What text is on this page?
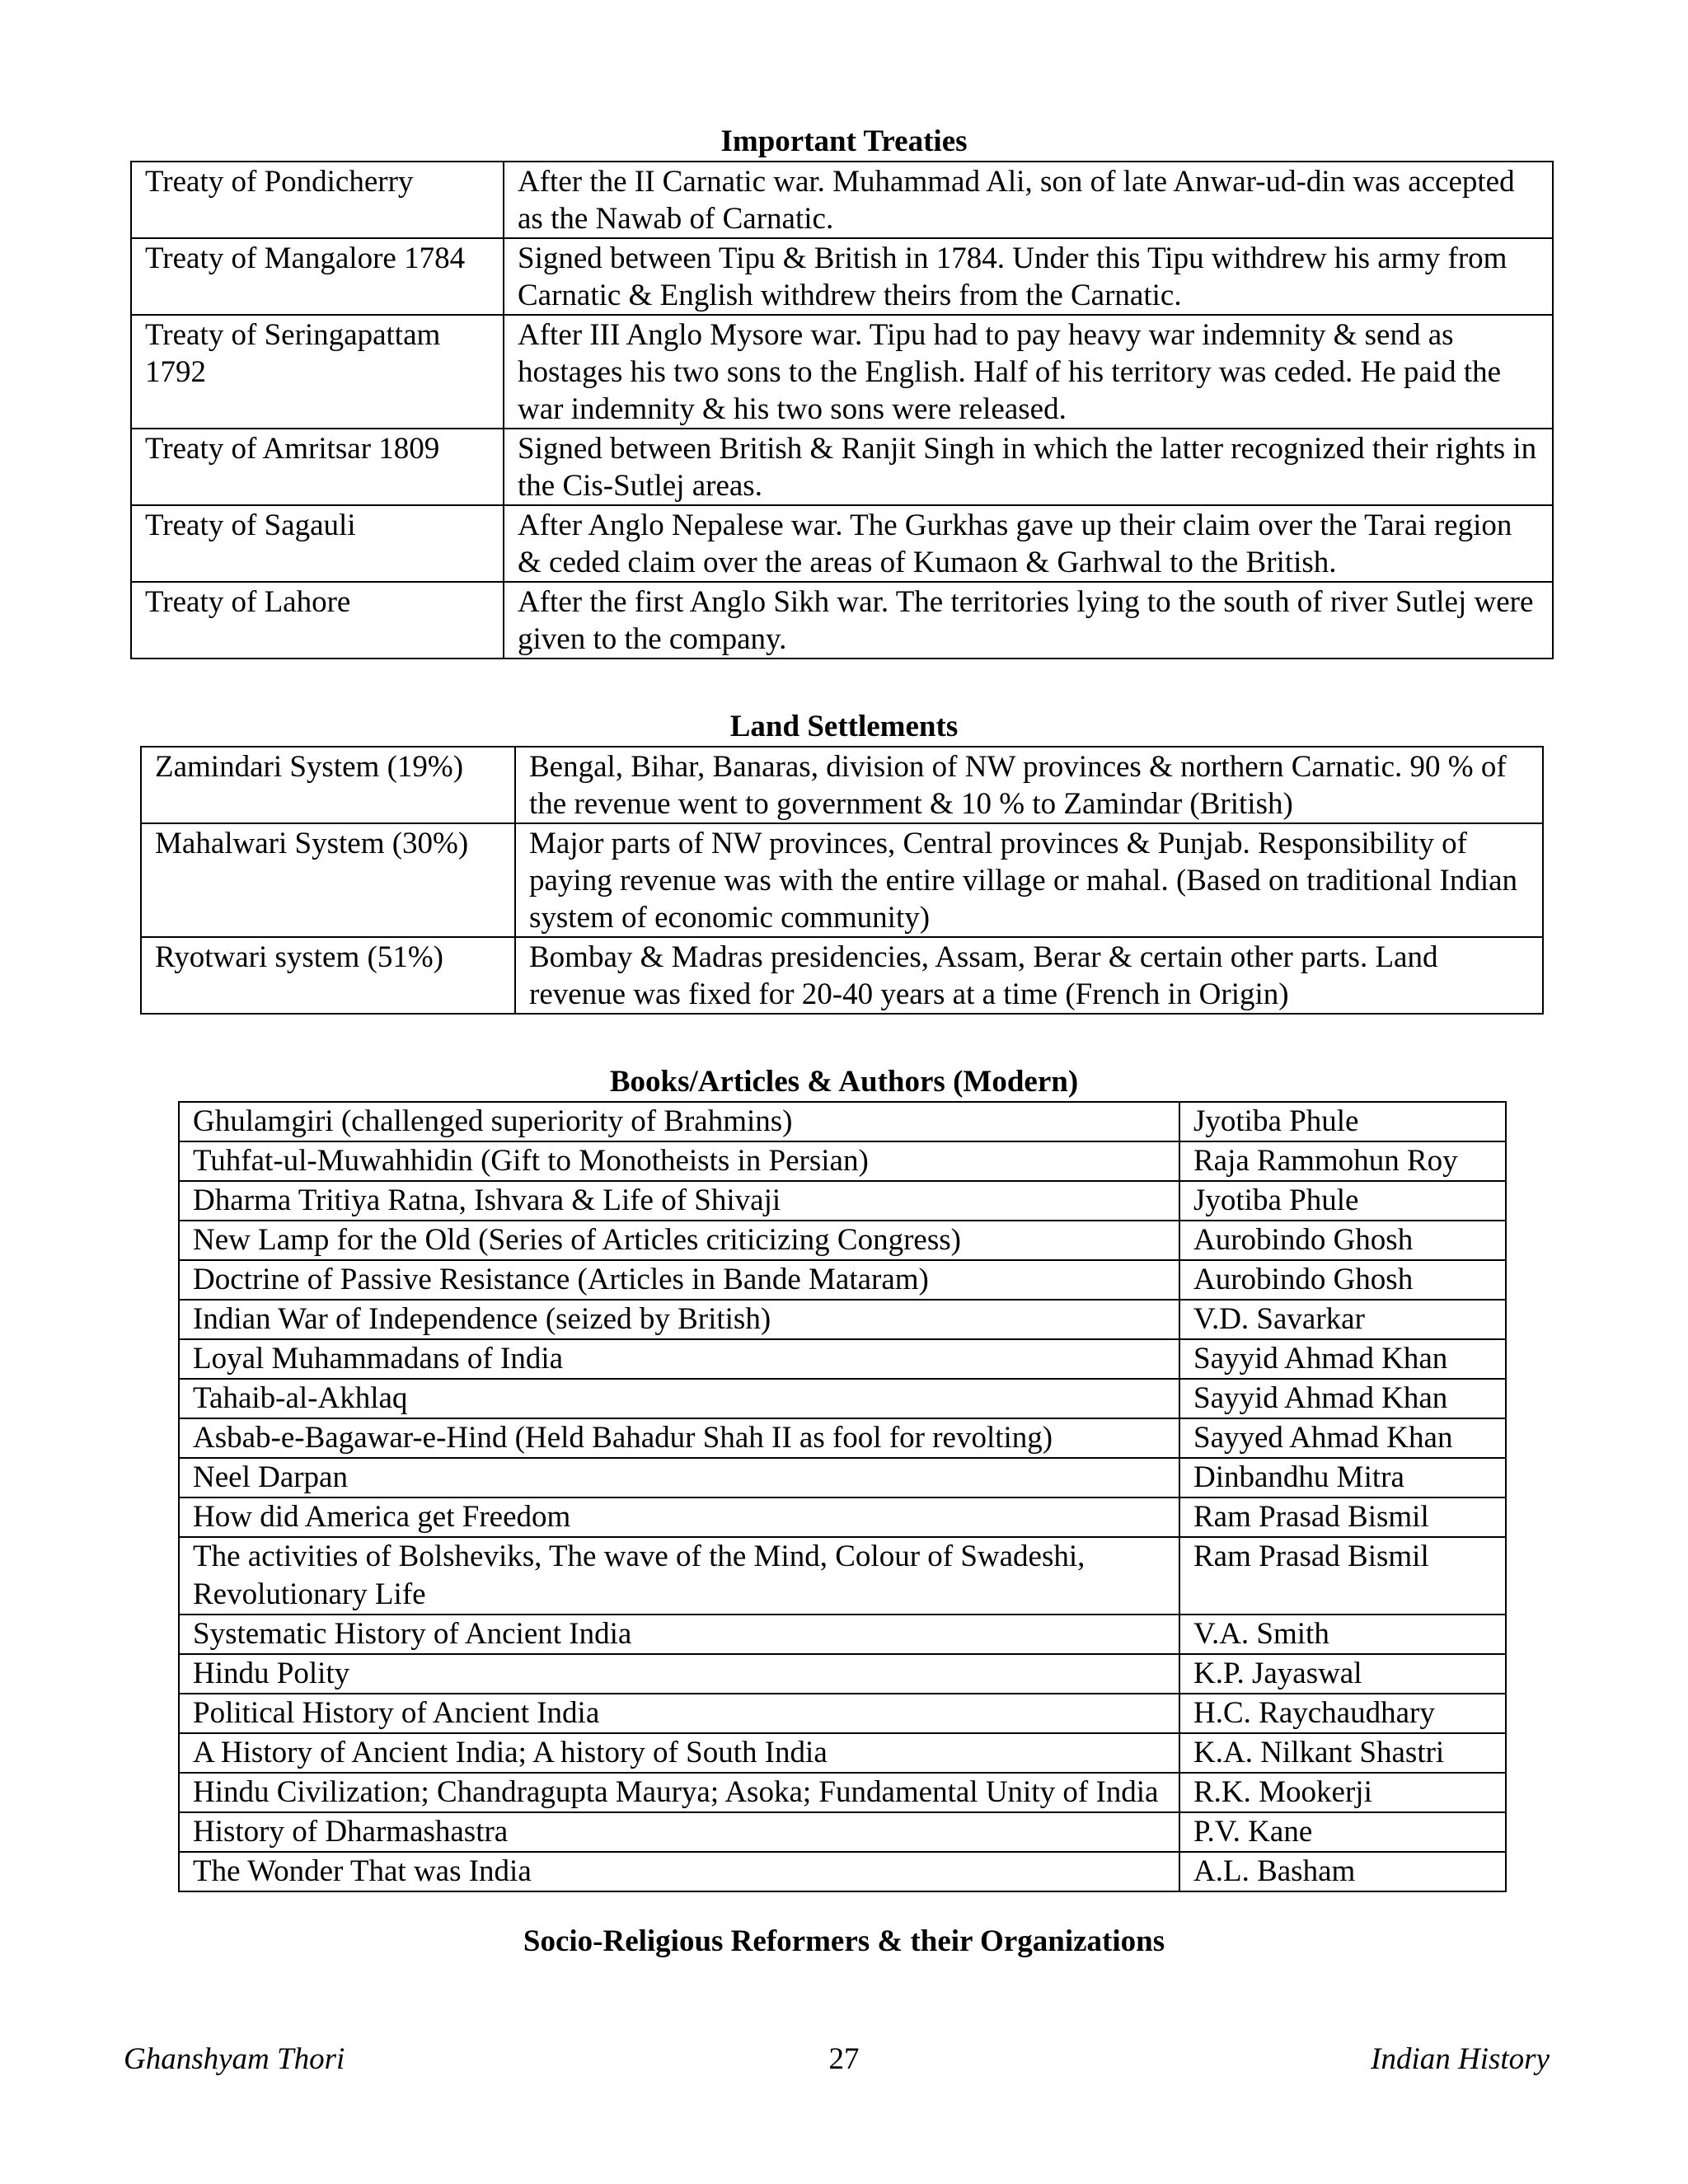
Important Treaties
Treaty of Pondicherry	After the II Carnatic war. Muhammad Ali, son of late Anwar-ud-din was accepted as the Nawab of Carnatic.
Treaty of Mangalore 1784	Signed between Tipu & British in 1784. Under this Tipu withdrew his army from Carnatic & English withdrew theirs from the Carnatic.
Treaty of Seringapattam 1792	After III Anglo Mysore war. Tipu had to pay heavy war indemnity & send as hostages his two sons to the English. Half of his territory was ceded. He paid the war indemnity & his two sons were released.
Treaty of Amritsar 1809	Signed between British & Ranjit Singh in which the latter recognized their rights in the Cis-Sutlej areas.
Treaty of Sagauli	After Anglo Nepalese war. The Gurkhas gave up their claim over the Tarai region & ceded claim over the areas of Kumaon & Garhwal to the British.
Treaty of Lahore	After the first Anglo Sikh war. The territories lying to the south of river Sutlej were given to the company.
Land Settlements
Zamindari System (19%)	Bengal, Bihar, Banaras, division of NW provinces & northern Carnatic. 90 % of the revenue went to government & 10 % to Zamindar (British)
Mahalwari System (30%)	Major parts of NW provinces, Central provinces & Punjab. Responsibility of paying revenue was with the entire village or mahal. (Based on traditional Indian system of economic community)
Ryotwari system (51%)	Bombay & Madras presidencies, Assam, Berar & certain other parts. Land revenue was fixed for 20-40 years at a time (French in Origin)
Books/Articles & Authors (Modern)
Ghulamgiri (challenged superiority of Brahmins)	Jyotiba Phule
Tuhfat-ul-Muwahhidin (Gift to Monotheists in Persian)	Raja Rammohun Roy
Dharma Tritiya Ratna, Ishvara & Life of Shivaji	Jyotiba Phule
New Lamp for the Old (Series of Articles criticizing Congress)	Aurobindo Ghosh
Doctrine of Passive Resistance (Articles in Bande Mataram)	Aurobindo Ghosh
Indian War of Independence (seized by British)	V.D. Savarkar
Loyal Muhammadans of India	Sayyid Ahmad Khan
Tahaib-al-Akhlaq	Sayyid Ahmad Khan
Asbab-e-Bagawar-e-Hind (Held Bahadur Shah II as fool for revolting)	Sayyed Ahmad Khan
Neel Darpan	Dinbandhu Mitra
How did America get Freedom	Ram Prasad Bismil
The activities of Bolsheviks, The wave of the Mind, Colour of Swadeshi, Revolutionary Life	Ram Prasad Bismil
Systematic History of Ancient India	V.A. Smith
Hindu Polity	K.P. Jayaswal
Political History of Ancient India	H.C. Raychaudhary
A History of Ancient India; A history of South India	K.A. Nilkant Shastri
Hindu Civilization; Chandragupta Maurya; Asoka; Fundamental Unity of India	R.K. Mookerji
History of Dharmashastra	P.V. Kane
The Wonder That was India	A.L. Basham
Socio-Religious Reformers & their Organizations
Ghanshyam Thori	27	Indian History
